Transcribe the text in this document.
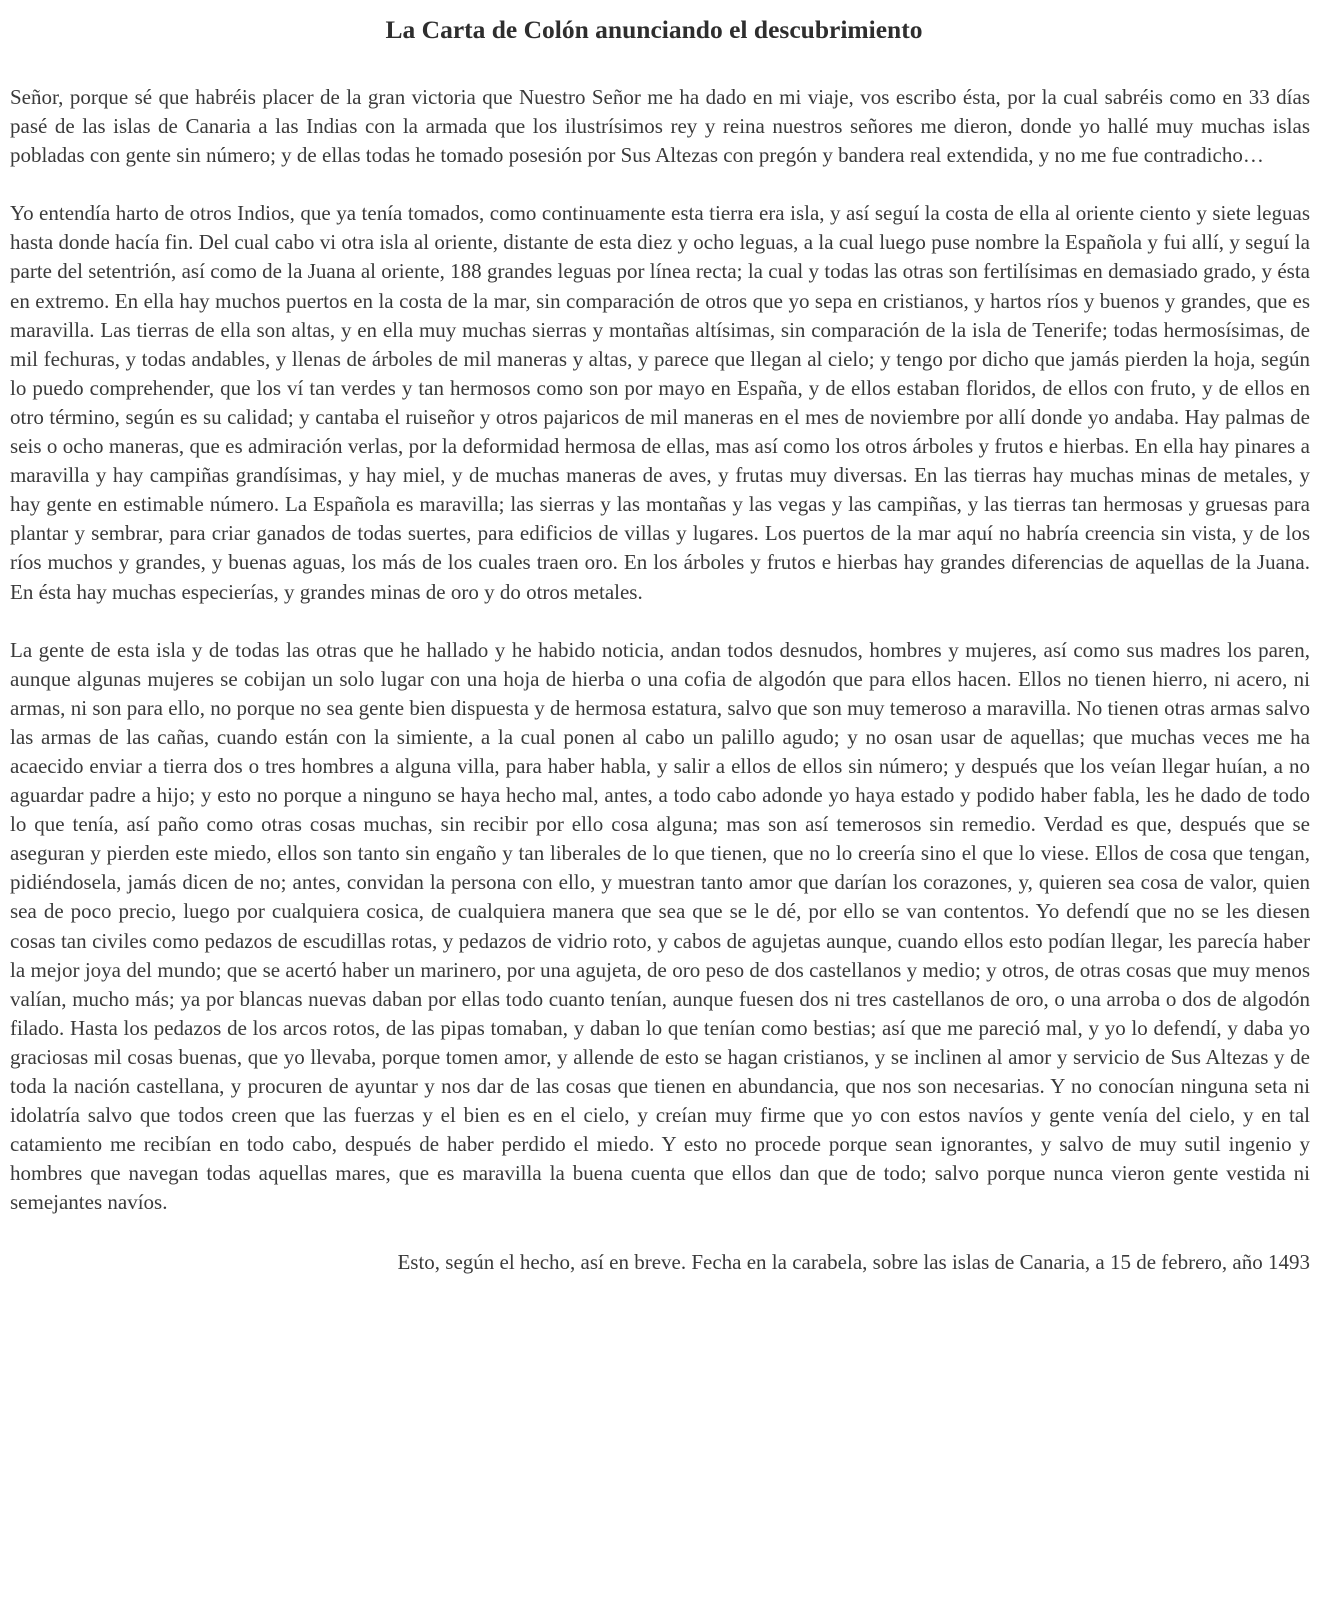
La Carta de Colón anunciando el descubrimiento

Señor, porque sé que habréis placer de la gran victoria que Nuestro Señor me ha dado en mi viaje, vos escribo ésta, por la cual sabréis como en 33 días pasé de las islas de Canaria a las Indias con la armada que los ilustrísimos rey y reina nuestros señores me dieron, donde yo hallé muy muchas islas pobladas con gente sin número; y de ellas todas he tomado posesión por Sus Altezas con pregón y bandera real extendida, y no me fue contradicho…

Yo entendía harto de otros Indios, que ya tenía tomados, como continuamente esta tierra era isla, y así seguí la costa de ella al oriente ciento y siete leguas hasta donde hacía fin. Del cual cabo vi otra isla al oriente, distante de esta diez y ocho leguas, a la cual luego puse nombre la Española y fui allí, y seguí la parte del setentrión, así como de la Juana al oriente, 188 grandes leguas por línea recta; la cual y todas las otras son fertilísimas en demasiado grado, y ésta en extremo. En ella hay muchos puertos en la costa de la mar, sin comparación de otros que yo sepa en cristianos, y hartos ríos y buenos y grandes, que es maravilla. Las tierras de ella son altas, y en ella muy muchas sierras y montañas altísimas, sin comparación de la isla de Tenerife; todas hermosísimas, de mil fechuras, y todas andables, y llenas de árboles de mil maneras y altas, y parece que llegan al cielo; y tengo por dicho que jamás pierden la hoja, según lo puedo comprehender, que los ví tan verdes y tan hermosos como son por mayo en España, y de ellos estaban floridos, de ellos con fruto, y de ellos en otro término, según es su calidad; y cantaba el ruiseñor y otros pajaricos de mil maneras en el mes de noviembre por allí donde yo andaba. Hay palmas de seis o ocho maneras, que es admiración verlas, por la deformidad hermosa de ellas, mas así como los otros árboles y frutos e hierbas. En ella hay pinares a maravilla y hay campiñas grandísimas, y hay miel, y de muchas maneras de aves, y frutas muy diversas. En las tierras hay muchas minas de metales, y hay gente en estimable número. La Española es maravilla; las sierras y las montañas y las vegas y las campiñas, y las tierras tan hermosas y gruesas para plantar y sembrar, para criar ganados de todas suertes, para edificios de villas y lugares. Los puertos de la mar aquí no habría creencia sin vista, y de los ríos muchos y grandes, y buenas aguas, los más de los cuales traen oro. En los árboles y frutos e hierbas hay grandes diferencias de aquellas de la Juana. En ésta hay muchas especierías, y grandes minas de oro y do otros metales.

La gente de esta isla y de todas las otras que he hallado y he habido noticia, andan todos desnudos, hombres y mujeres, así como sus madres los paren, aunque algunas mujeres se cobijan un solo lugar con una hoja de hierba o una cofia de algodón que para ellos hacen. Ellos no tienen hierro, ni acero, ni armas, ni son para ello, no porque no sea gente bien dispuesta y de hermosa estatura, salvo que son muy temeroso a maravilla. No tienen otras armas salvo las armas de las cañas, cuando están con la simiente, a la cual ponen al cabo un palillo agudo; y no osan usar de aquellas; que muchas veces me ha acaecido enviar a tierra dos o tres hombres a alguna villa, para haber habla, y salir a ellos de ellos sin número; y después que los veían llegar huían, a no aguardar padre a hijo; y esto no porque a ninguno se haya hecho mal, antes, a todo cabo adonde yo haya estado y podido haber fabla, les he dado de todo lo que tenía, así paño como otras cosas muchas, sin recibir por ello cosa alguna; mas son así temerosos sin remedio. Verdad es que, después que se aseguran y pierden este miedo, ellos son tanto sin engaño y tan liberales de lo que tienen, que no lo creería sino el que lo viese. Ellos de cosa que tengan, pidiéndosela, jamás dicen de no; antes, convidan la persona con ello, y muestran tanto amor que darían los corazones, y, quieren sea cosa de valor, quien sea de poco precio, luego por cualquiera cosica, de cualquiera manera que sea que se le dé, por ello se van contentos. Yo defendí que no se les diesen cosas tan civiles como pedazos de escudillas rotas, y pedazos de vidrio roto, y cabos de agujetas aunque, cuando ellos esto podían llegar, les parecía haber la mejor joya del mundo; que se acertó haber un marinero, por una agujeta, de oro peso de dos castellanos y medio; y otros, de otras cosas que muy menos valían, mucho más; ya por blancas nuevas daban por ellas todo cuanto tenían, aunque fuesen dos ni tres castellanos de oro, o una arroba o dos de algodón filado. Hasta los pedazos de los arcos rotos, de las pipas tomaban, y daban lo que tenían como bestias; así que me pareció mal, y yo lo defendí, y daba yo graciosas mil cosas buenas, que yo llevaba, porque tomen amor, y allende de esto se hagan cristianos, y se inclinen al amor y servicio de Sus Altezas y de toda la nación castellana, y procuren de ayuntar y nos dar de las cosas que tienen en abundancia, que nos son necesarias. Y no conocían ninguna seta ni idolatría salvo que todos creen que las fuerzas y el bien es en el cielo, y creían muy firme que yo con estos navíos y gente venía del cielo, y en tal catamiento me recibían en todo cabo, después de haber perdido el miedo. Y esto no procede porque sean ignorantes, y salvo de muy sutil ingenio y hombres que navegan todas aquellas mares, que es maravilla la buena cuenta que ellos dan que de todo; salvo porque nunca vieron gente vestida ni semejantes navíos.

Esto, según el hecho, así en breve. Fecha en la carabela, sobre las islas de Canaria, a 15 de febrero, año 1493
